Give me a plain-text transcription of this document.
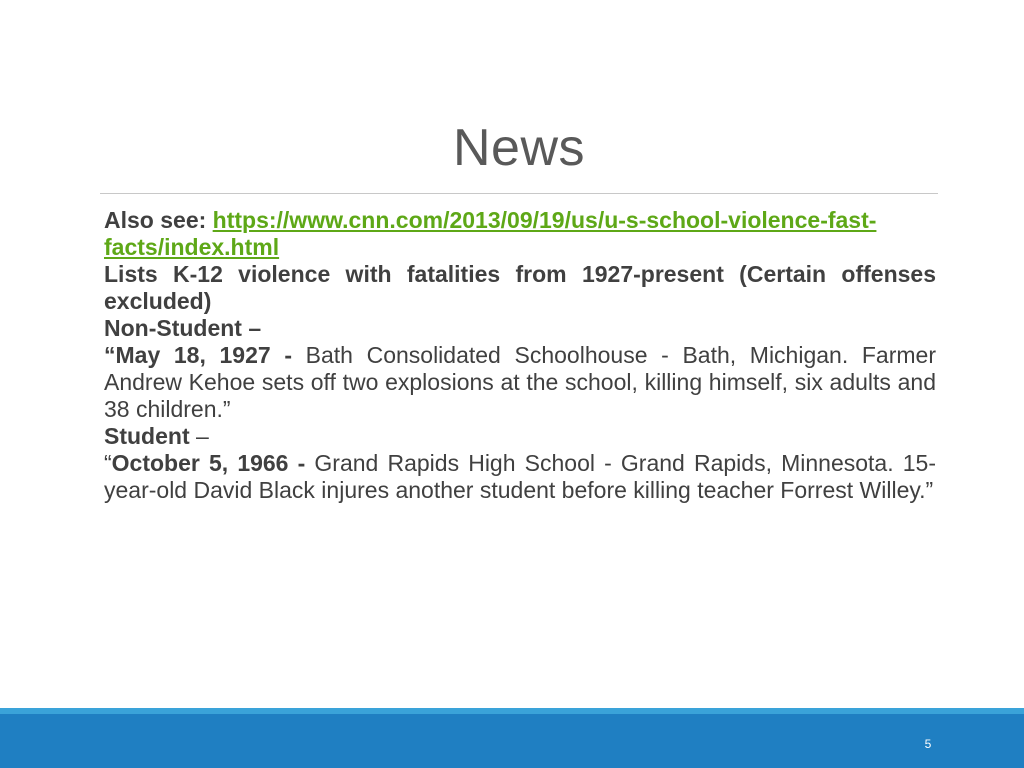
News

Also see: https://www.cnn.com/2013/09/19/us/u-s-school-violence-fast-facts/index.html

Lists K-12 violence with fatalities from 1927-present (Certain offenses excluded)

Non-Student –

“May 18, 1927 - Bath Consolidated Schoolhouse - Bath, Michigan. Farmer Andrew Kehoe sets off two explosions at the school, killing himself, six adults and 38 children.”

Student –

“October 5, 1966 - Grand Rapids High School - Grand Rapids, Minnesota. 15-year-old David Black injures another student before killing teacher Forrest Willey.”

5
